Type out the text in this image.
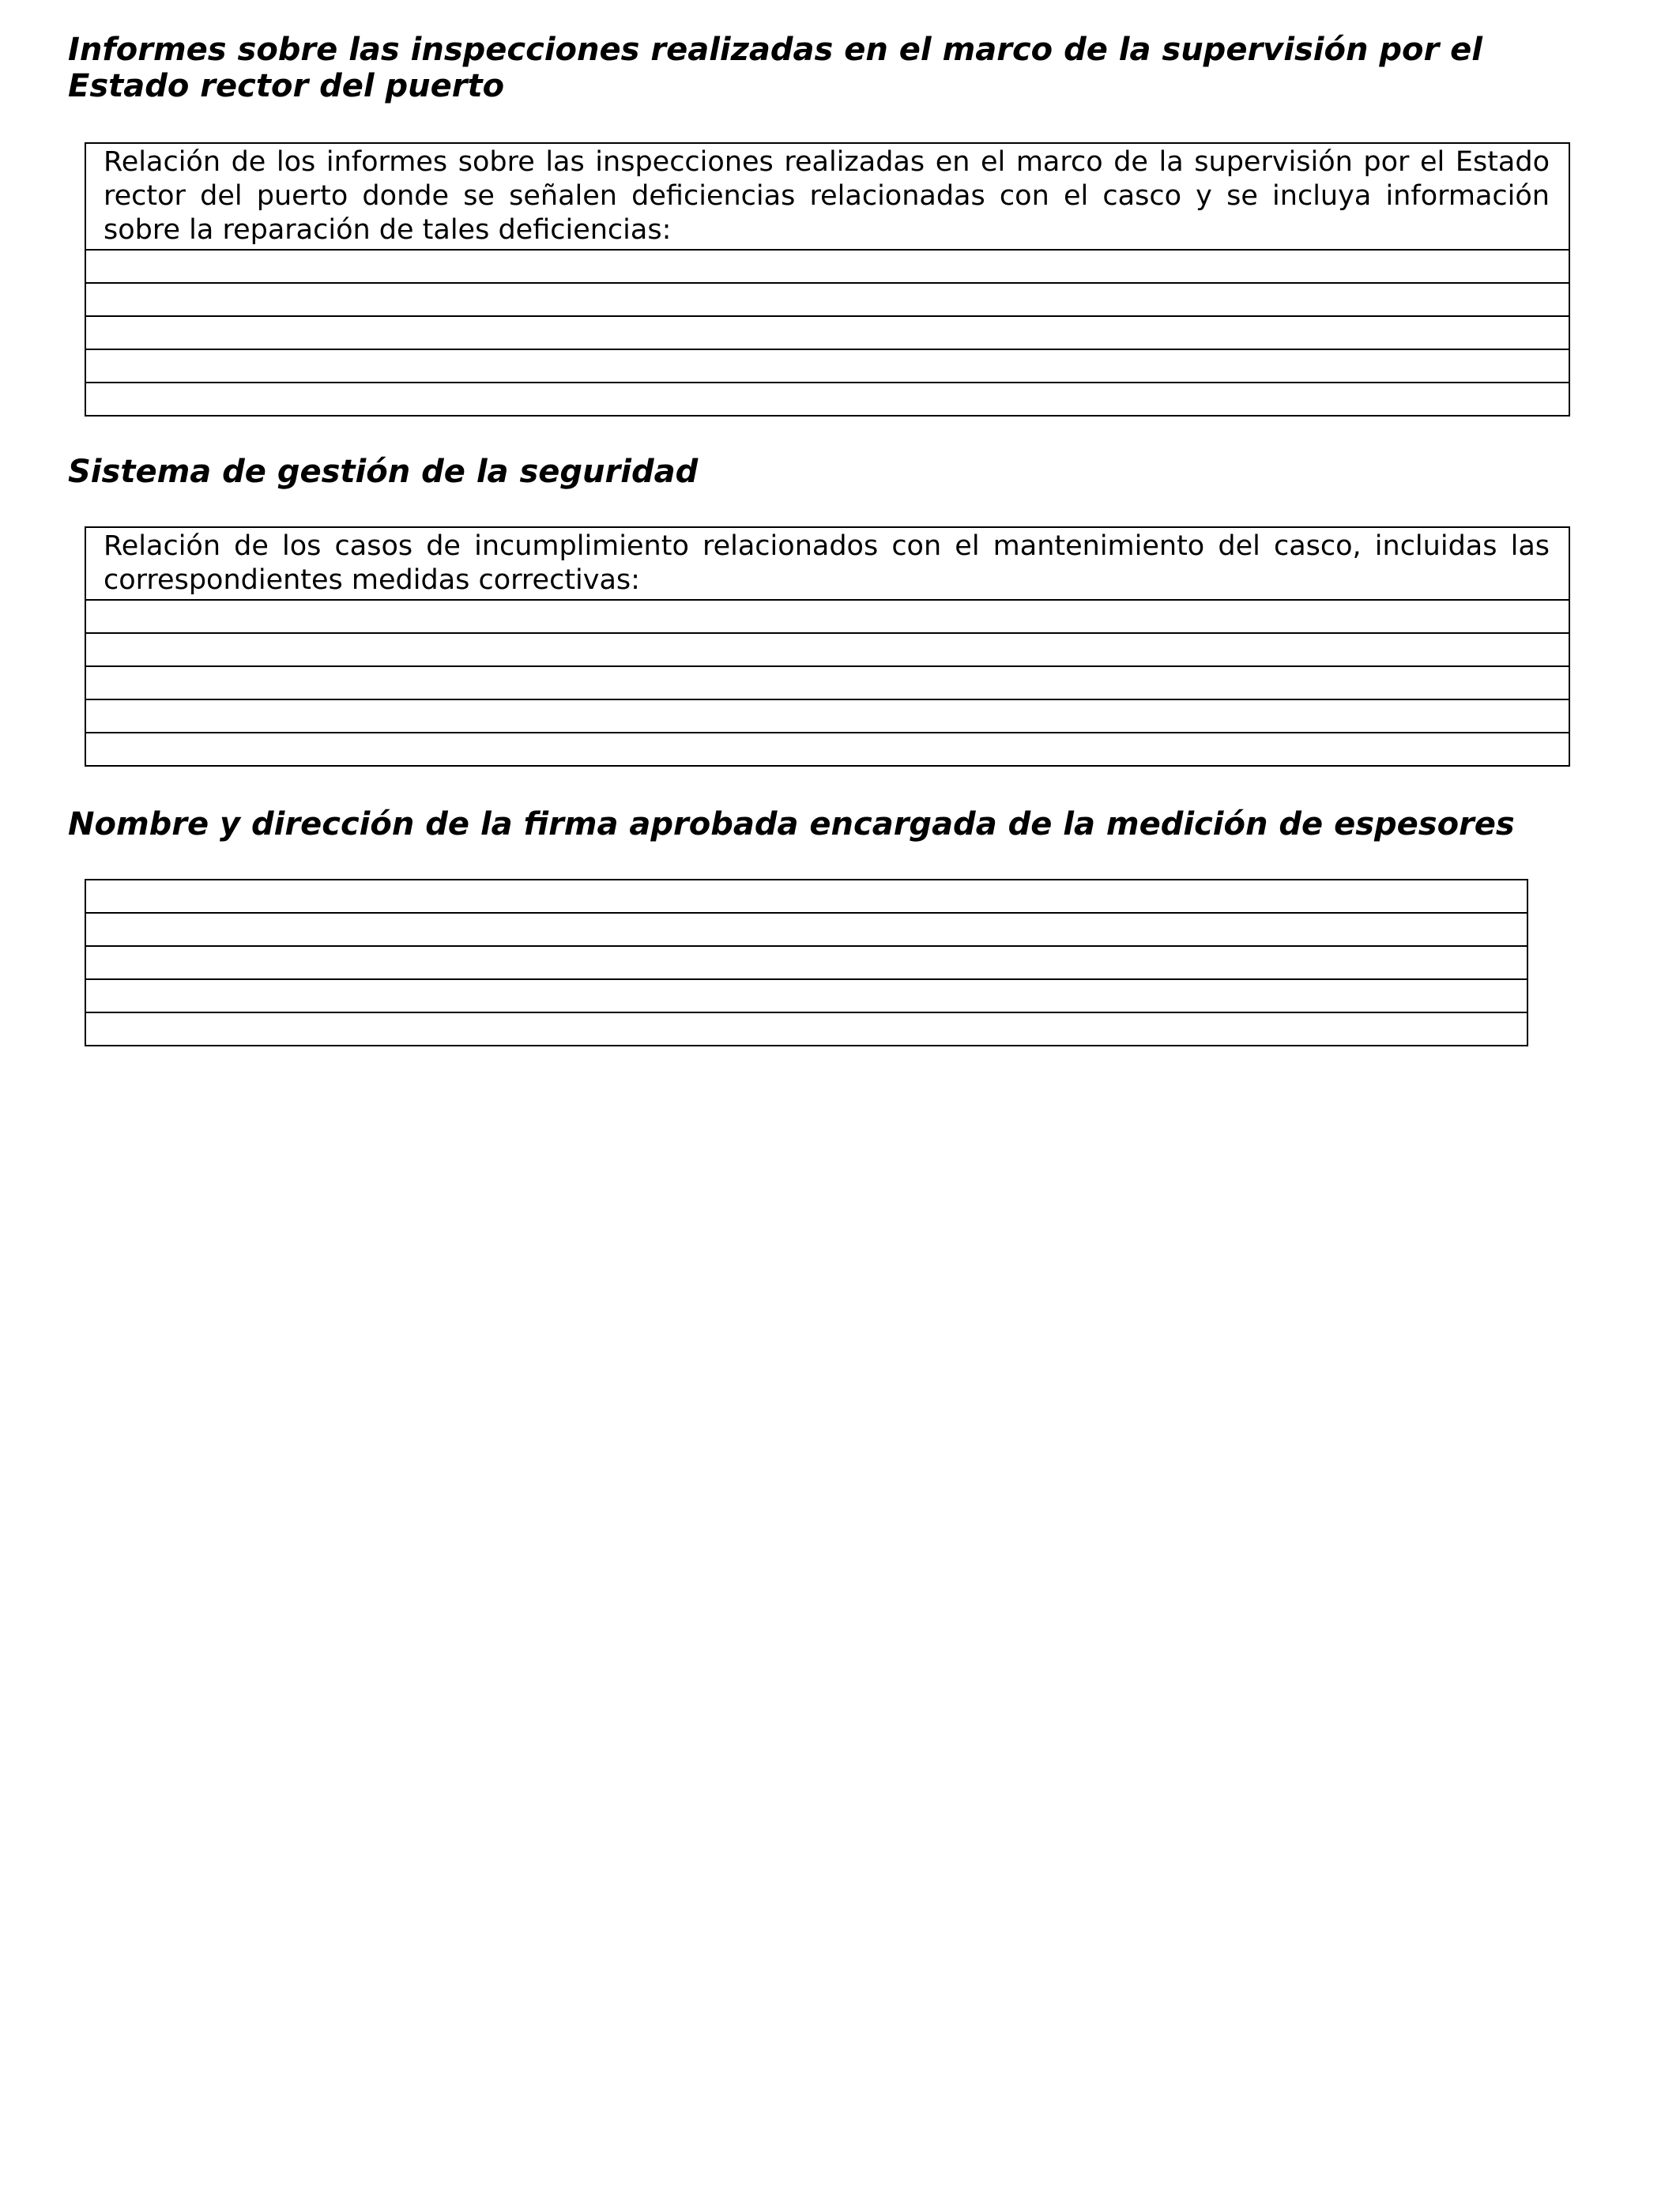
Informes sobre las inspecciones realizadas en el marco de la supervisión por el Estado rector del puerto
Relación de los informes sobre las inspecciones realizadas en el marco de la supervisión por el Estado rector del puerto donde se señalen deficiencias relacionadas con el casco y se incluya información sobre la reparación de tales deficiencias:

Sistema de gestión de la seguridad
Relación de los casos de incumplimiento relacionados con el mantenimiento del casco, incluidas las correspondientes medidas correctivas:

Nombre y dirección de la firma aprobada encargada de la medición de espesores
